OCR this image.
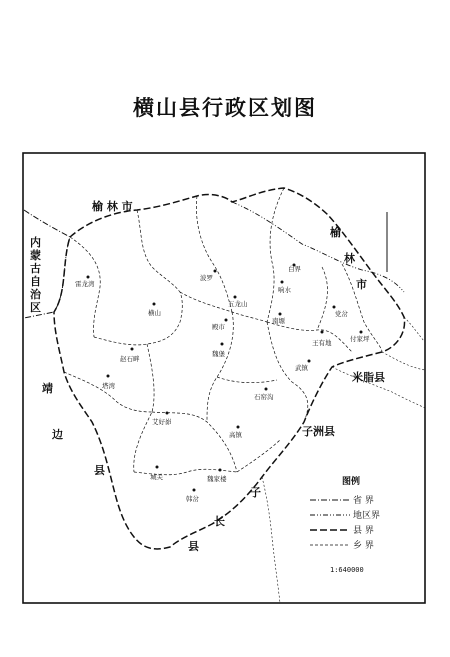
横山县行政区划图
榆 林 市
榆
林
市
内
蒙
古
自
治
区
靖
边
县
米脂县
子洲县
子
长
县
雷龙湾
波罗
白界
响水
横山
五龙山
党岔
殿市
南塬
王有地	付家坪
赵石畔
魏堡
武镇
塔湾
石窑沟
艾好峁
高镇
城关
韩岔
魏家楼	图例
省 界
地区界
县 界
乡 界
1:640000
